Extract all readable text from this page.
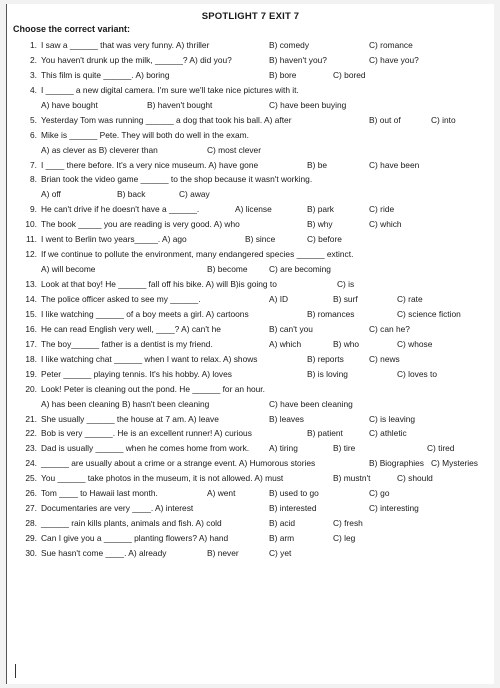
SPOTLIGHT 7 EXIT 7
Choose the correct variant:
1. I saw a ______ that was very funny. A) thriller	B) comedy	C) romance
2. You haven't drunk up the milk, ______? A) did you?	B) haven't you?	C) have you?
3. This film is quite ______. A) boring	B) bore	C) bored
4. I ______ a new digital camera. I'm sure we'll take nice pictures with it.
A) have bought	B) haven't bought	C) have been buying
5. Yesterday Tom was running ______ a dog that took his ball. A) after	B) out of	C) into
6. Mike is ______ Pete. They will both do well in the exam.
A) as clever as B) cleverer than	C) most clever
7. I ____ there before. It's a very nice museum. A) have gone	B) be	C) have been
8. Brian took the video game ______ to the shop because it wasn't working.
A) off	B) back	C) away
9. He can't drive if he doesn't have a ______.	A) license	B) park	C) ride
10. The book _____ you are reading is very good. A) who	B) why	C) which
11. I went to Berlin two years_____. A) ago	B) since	C) before
12. If we continue to pollute the environment, many endangered species ______ extinct.
A) will become	B) become	C) are becoming
13. Look at that boy! He ______ fall off his bike. A) will B)is going to	C) is
14. The police officer asked to see my ______.	A) ID	B) surf	C) rate
15. I like watching ______ of a boy meets a girl. A) cartoons	B) romances	C) science fiction
16. He can read English very well, ____? A) can't he	B) can't you	C) can he?
17. The boy______ father is a dentist is my friend.	A) which	B) who	C) whose
18. I like watching chat ______ when I want to relax. A) shows	B) reports	C) news
19. Peter ______ playing tennis. It's his hobby. A) loves	B) is loving	C) loves to
20. Look! Peter is cleaning out the pond. He ______ for an hour.
A) has been cleaning B) hasn't been cleaning	C) have been cleaning
21. She usually ______ the house at 7 am. A) leave	B) leaves	C) is leaving
22. Bob is very ______. He is an excellent runner! A) curious	B) patient	C) athletic
23. Dad is usually ______ when he comes home from work. A) tiring	B) tire	C) tired
24. ______ are usually about a crime or a strange event. A) Humorous stories	B) Biographies C) Mysteries
25. You ______ take photos in the museum, it is not allowed. A) must	B) mustn't	C) should
26. Tom ____ to Hawaii last month.	A) went	B) used to go	C) go
27. Documentaries are very ____. A) interest	B) interested	C) interesting
28. ______ rain kills plants, animals and fish. A) cold	B) acid	C) fresh
29. Can I give you a ______ planting flowers? A) hand	B) arm	C) leg
30. Sue hasn't come ____. A) already	B) never	C) yet
